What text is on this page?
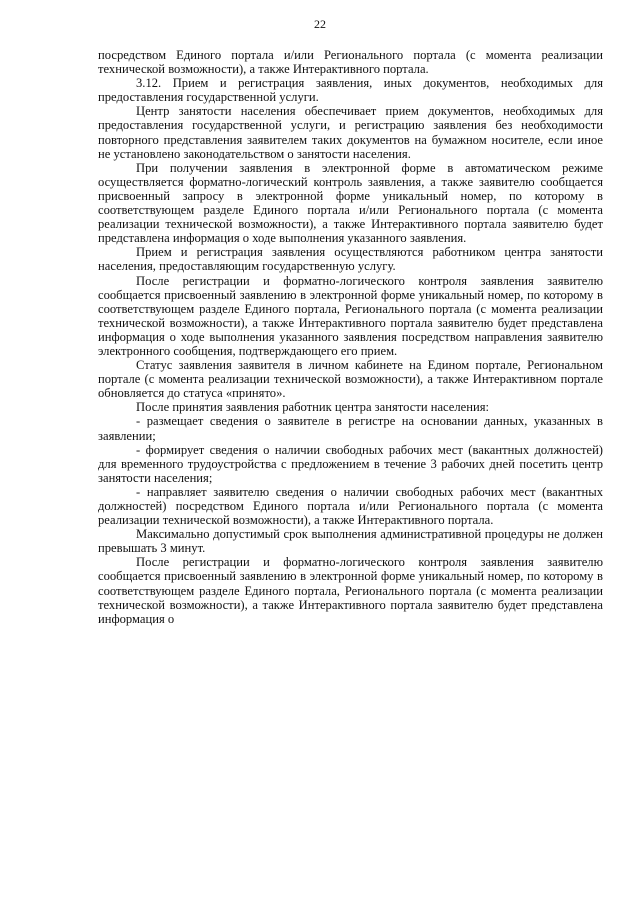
22

посредством Единого портала и/или Регионального портала (с момента реализации технической возможности), а также Интерактивного портала.

3.12. Прием и регистрация заявления, иных документов, необходимых для предоставления государственной услуги.

Центр занятости населения обеспечивает прием документов, необходимых для предоставления государственной услуги, и регистрацию заявления без необходимости повторного представления заявителем таких документов на бумажном носителе, если иное не установлено законодательством о занятости населения.

При получении заявления в электронной форме в автоматическом режиме осуществляется форматно-логический контроль заявления, а также заявителю сообщается присвоенный запросу в электронной форме уникальный номер, по которому в соответствующем разделе Единого портала и/или Регионального портала (с момента реализации технической возможности), а также Интерактивного портала заявителю будет представлена информация о ходе выполнения указанного заявления.

Прием и регистрация заявления осуществляются работником центра занятости населения, предоставляющим государственную услугу.

После регистрации и форматно-логического контроля заявления заявителю сообщается присвоенный заявлению в электронной форме уникальный номер, по которому в соответствующем разделе Единого портала, Регионального портала (с момента реализации технической возможности), а также Интерактивного портала заявителю будет представлена информация о ходе выполнения указанного заявления посредством направления заявителю электронного сообщения, подтверждающего его прием.

Статус заявления заявителя в личном кабинете на Едином портале, Региональном портале (с момента реализации технической возможности), а также Интерактивном портале обновляется до статуса «принято».

После принятия заявления работник центра занятости населения:

- размещает сведения о заявителе в регистре на основании данных, указанных в заявлении;

- формирует сведения о наличии свободных рабочих мест (вакантных должностей) для временного трудоустройства с предложением в течение 3 рабочих дней посетить центр занятости населения;

- направляет заявителю сведения о наличии свободных рабочих мест (вакантных должностей) посредством Единого портала и/или Регионального портала (с момента реализации технической возможности), а также Интерактивного портала.

Максимально допустимый срок выполнения административной процедуры не должен превышать 3 минут.

После регистрации и форматно-логического контроля заявления заявителю сообщается присвоенный заявлению в электронной форме уникальный номер, по которому в соответствующем разделе Единого портала, Регионального портала (с момента реализации технической возможности), а также Интерактивного портала заявителю будет представлена информация о
